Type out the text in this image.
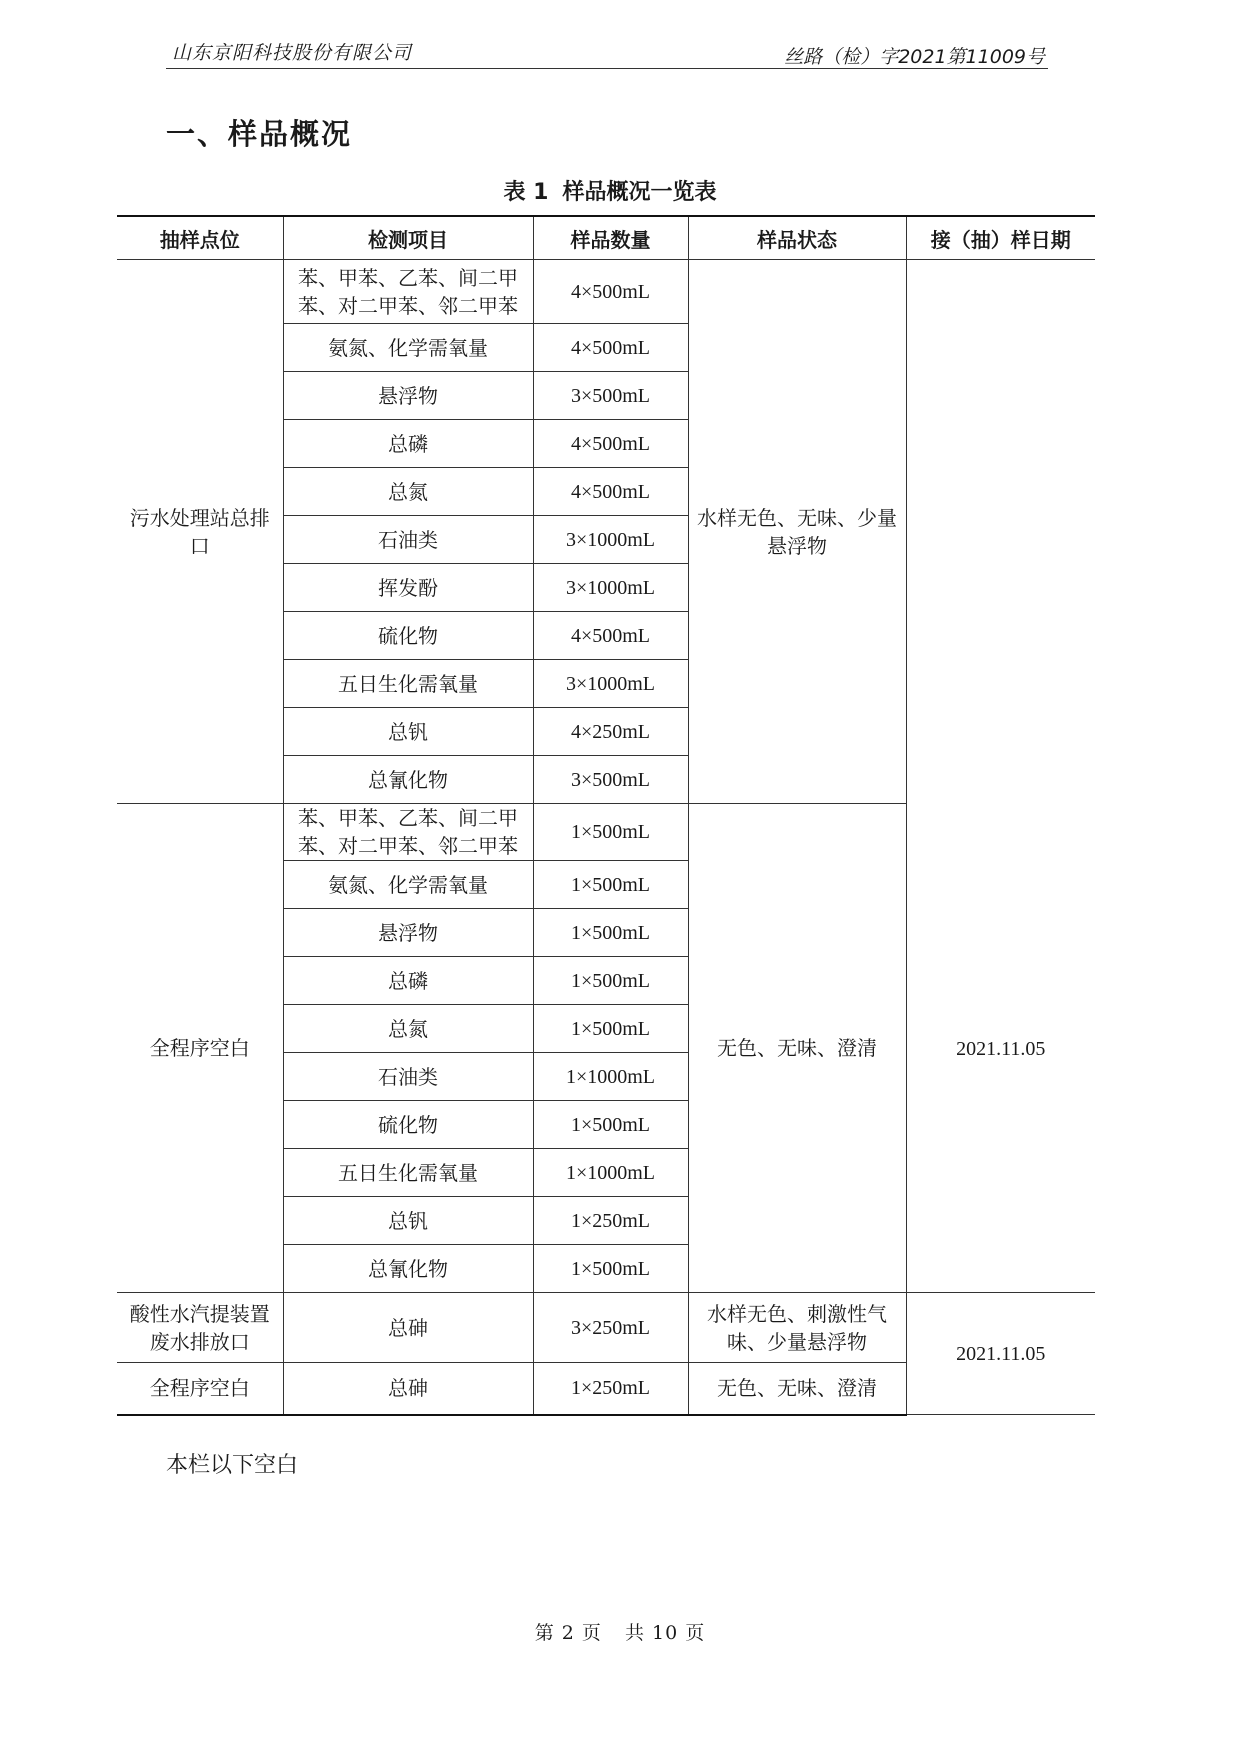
山东京阳科技股份有限公司	丝路（检）字2021第11009号
一、样品概况
表 1 样品概况一览表
抽样点位	检测项目	样品数量	样品状态	接（抽）样日期
污水处理站总排口	苯、甲苯、乙苯、间二甲苯、对二甲苯、邻二甲苯	4×500mL	水样无色、无味、少量悬浮物	2021.11.05

	氨氮、化学需氧量	4×500mL		
	悬浮物	3×500mL		
	总磷	4×500mL		
	总氮	4×500mL		
	石油类	3×1000mL		
	挥发酚	3×1000mL		
	硫化物	4×500mL		
	五日生化需氧量	3×1000mL		
	总钒	4×250mL		
	总氰化物	3×500mL		
全程序空白	苯、甲苯、乙苯、间二甲苯、对二甲苯、邻二甲苯	1×500mL	无色、无味、澄清	
	氨氮、化学需氧量	1×500mL		
	悬浮物	1×500mL		
	总磷	1×500mL		
	总氮	1×500mL		
	石油类	1×1000mL		
	硫化物	1×500mL		
	五日生化需氧量	1×1000mL		
	总钒	1×250mL		
	总氰化物	1×500mL		
酸性水汽提装置废水排放口	总砷	3×250mL	水样无色、刺激性气味、少量悬浮物	2021.11.05
全程序空白	总砷	1×250mL	无色、无味、澄清	
本栏以下空白
第 2 页 共 10 页
